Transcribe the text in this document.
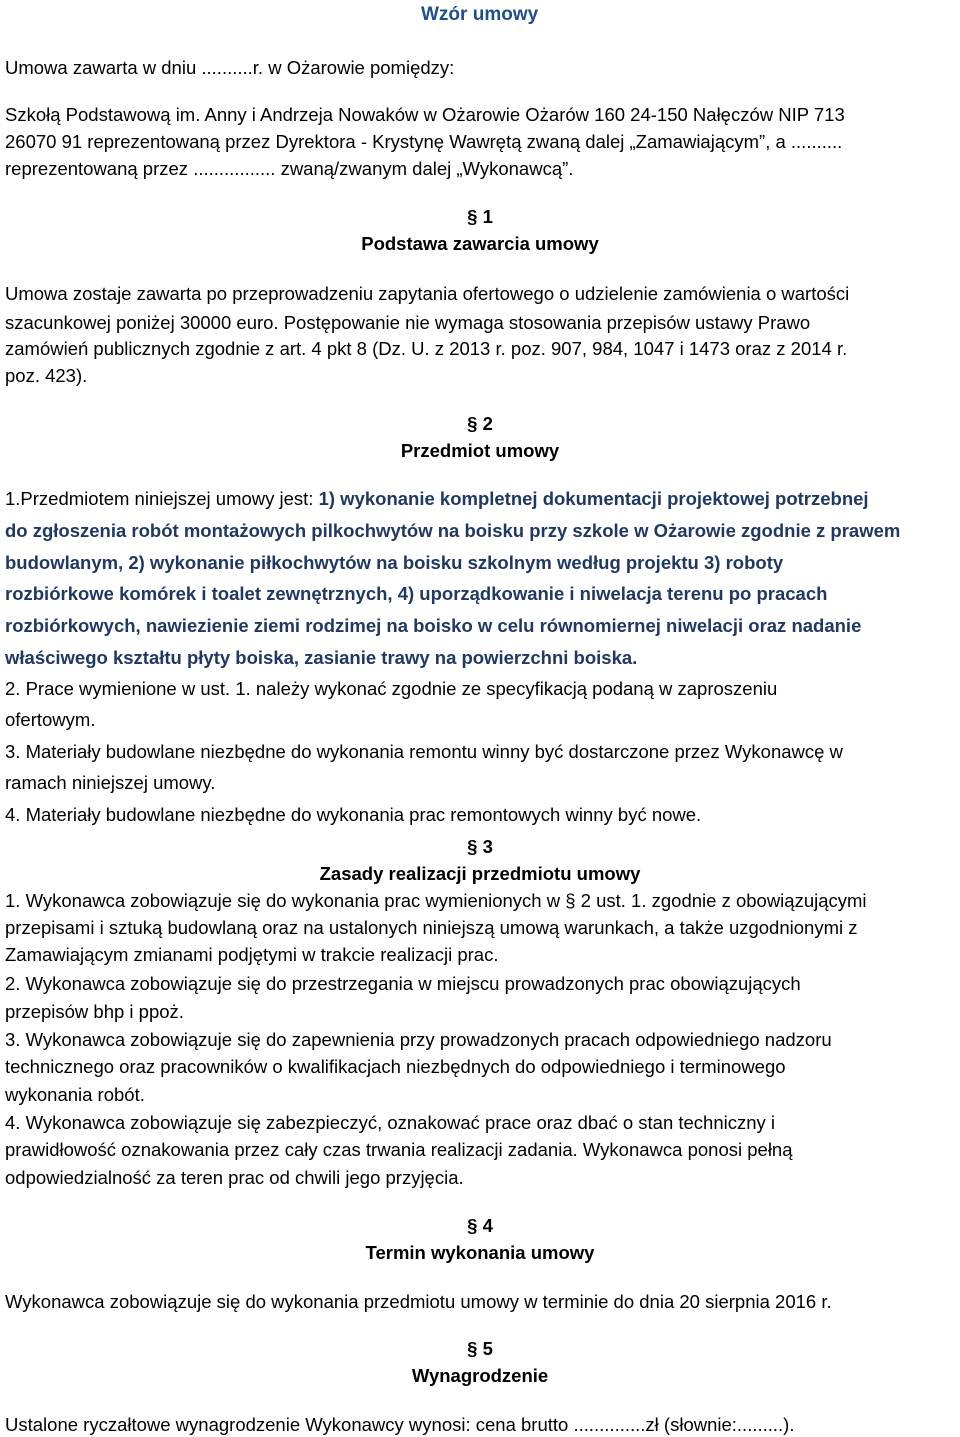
Wzór umowy
Umowa zawarta w dniu ..........r. w Ożarowie pomiędzy:
Szkołą Podstawową im. Anny i Andrzeja Nowaków w Ożarowie Ożarów 160 24-150 Nałęczów NIP 713
26070 91 reprezentowaną przez Dyrektora - Krystynę Wawrętą zwaną dalej „Zamawiającym”, a ..........
reprezentowaną przez ................ zwaną/zwanym dalej „Wykonawcą”.
§ 1
Podstawa zawarcia umowy
Umowa zostaje zawarta po przeprowadzeniu zapytania ofertowego o udzielenie zamówienia o wartości
szacunkowej poniżej 30000 euro. Postępowanie nie wymaga stosowania przepisów ustawy Prawo
zamówień publicznych zgodnie z art. 4 pkt 8 (Dz. U. z 2013 r. poz. 907, 984, 1047 i 1473 oraz z 2014 r.
poz. 423).
§ 2
Przedmiot umowy
1.Przedmiotem niniejszej umowy jest: 1) wykonanie kompletnej dokumentacji projektowej potrzebnej
do zgłoszenia robót montażowych pilkochwytów na boisku przy szkole w Ożarowie zgodnie z prawem
budowlanym, 2) wykonanie piłkochwytów na boisku szkolnym według projektu 3) roboty
rozbiórkowe komórek i toalet zewnętrznych, 4) uporządkowanie i niwelacja terenu po pracach
rozbiórkowych, nawiezienie ziemi rodzimej na boisko w celu równomiernej niwelacji oraz nadanie
właściwego kształtu płyty boiska, zasianie trawy na powierzchni boiska.
2. Prace wymienione w ust. 1. należy wykonać zgodnie ze specyfikacją podaną w zaproszeniu
ofertowym.
3. Materiały budowlane niezbędne do wykonania remontu winny być dostarczone przez Wykonawcę w
ramach niniejszej umowy.
4. Materiały budowlane niezbędne do wykonania prac remontowych winny być nowe.
§ 3
Zasady realizacji przedmiotu umowy
1. Wykonawca zobowiązuje się do wykonania prac wymienionych w § 2 ust. 1. zgodnie z obowiązującymi
przepisami i sztuką budowlaną oraz na ustalonych niniejszą umową warunkach, a także uzgodnionymi z
Zamawiającym zmianami podjętymi w trakcie realizacji prac.
2. Wykonawca zobowiązuje się do przestrzegania w miejscu prowadzonych prac obowiązujących
przepisów bhp i ppoż.
3. Wykonawca zobowiązuje się do zapewnienia przy prowadzonych pracach odpowiedniego nadzoru
technicznego oraz pracowników o kwalifikacjach niezbędnych do odpowiedniego i terminowego
wykonania robót.
4. Wykonawca zobowiązuje się zabezpieczyć, oznakować prace oraz dbać o stan techniczny i
prawidłowość oznakowania przez cały czas trwania realizacji zadania. Wykonawca ponosi pełną
odpowiedzialność za teren prac od chwili jego przyjęcia.
§ 4
Termin wykonania umowy
Wykonawca zobowiązuje się do wykonania przedmiotu umowy w terminie do dnia 20 sierpnia 2016 r.
§ 5
Wynagrodzenie
Ustalone ryczałtowe wynagrodzenie Wykonawcy wynosi: cena brutto ..............zł (słownie:.........).
